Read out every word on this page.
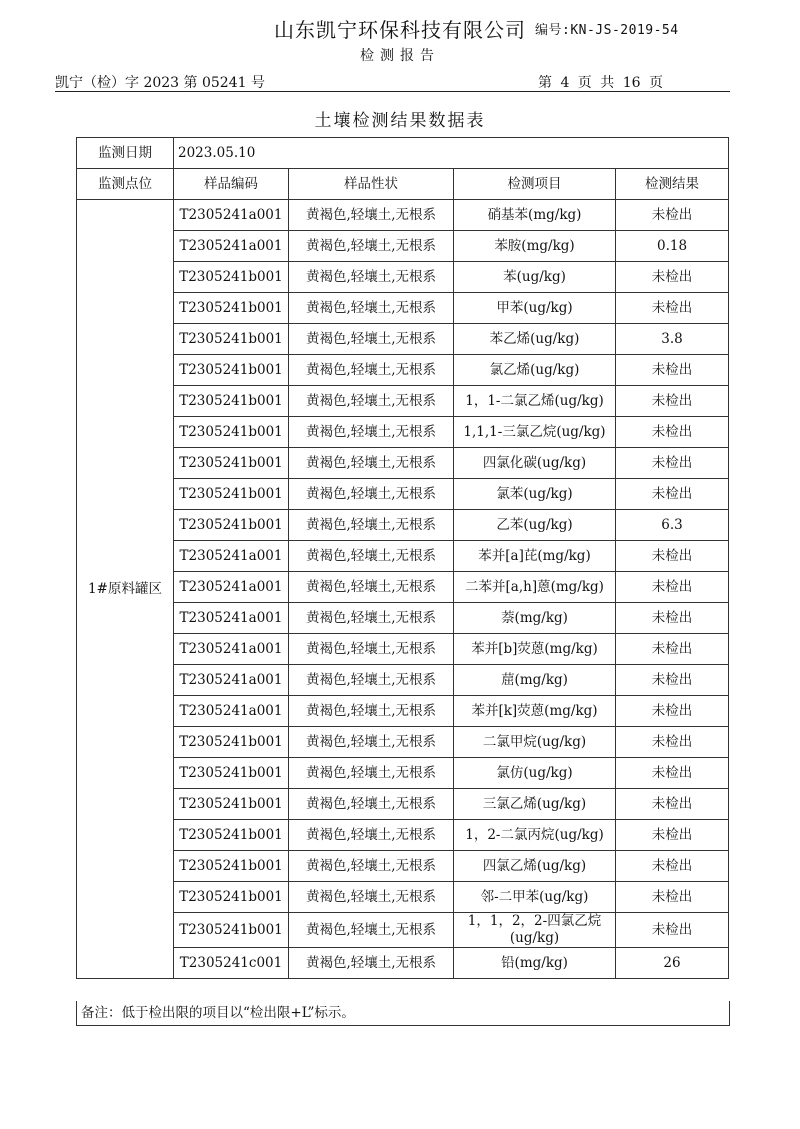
山东凯宁环保科技有限公司 编号:KN-JS-2019-54
检测报告
凯宁（检）字 2023 第 05241 号	第 4 页 共 16 页
土壤检测结果数据表
监测日期	2023.05.10			
监测点位	样品编码	样品性状	检测项目	检测结果
1#原料罐区	T2305241a001	黄褐色,轻壤土,无根系	硝基苯(mg/kg)	未检出
	T2305241a001	黄褐色,轻壤土,无根系	苯胺(mg/kg)	0.18
	T2305241b001	黄褐色,轻壤土,无根系	苯(ug/kg)	未检出
	T2305241b001	黄褐色,轻壤土,无根系	甲苯(ug/kg)	未检出
	T2305241b001	黄褐色,轻壤土,无根系	苯乙烯(ug/kg)	3.8
	T2305241b001	黄褐色,轻壤土,无根系	氯乙烯(ug/kg)	未检出
	T2305241b001	黄褐色,轻壤土,无根系	1，1-二氯乙烯(ug/kg)	未检出
	T2305241b001	黄褐色,轻壤土,无根系	1,1,1-三氯乙烷(ug/kg)	未检出
	T2305241b001	黄褐色,轻壤土,无根系	四氯化碳(ug/kg)	未检出
	T2305241b001	黄褐色,轻壤土,无根系	氯苯(ug/kg)	未检出
	T2305241b001	黄褐色,轻壤土,无根系	乙苯(ug/kg)	6.3
	T2305241a001	黄褐色,轻壤土,无根系	苯并[a]芘(mg/kg)	未检出
	T2305241a001	黄褐色,轻壤土,无根系	二苯并[a,h]蒽(mg/kg)	未检出
	T2305241a001	黄褐色,轻壤土,无根系	萘(mg/kg)	未检出
	T2305241a001	黄褐色,轻壤土,无根系	苯并[b]荧蒽(mg/kg)	未检出
	T2305241a001	黄褐色,轻壤土,无根系	䓛(mg/kg)	未检出
	T2305241a001	黄褐色,轻壤土,无根系	苯并[k]荧蒽(mg/kg)	未检出
	T2305241b001	黄褐色,轻壤土,无根系	二氯甲烷(ug/kg)	未检出
	T2305241b001	黄褐色,轻壤土,无根系	氯仿(ug/kg)	未检出
	T2305241b001	黄褐色,轻壤土,无根系	三氯乙烯(ug/kg)	未检出
	T2305241b001	黄褐色,轻壤土,无根系	1，2-二氯丙烷(ug/kg)	未检出
	T2305241b001	黄褐色,轻壤土,无根系	四氯乙烯(ug/kg)	未检出
	T2305241b001	黄褐色,轻壤土,无根系	邻-二甲苯(ug/kg)	未检出
	T2305241b001	黄褐色,轻壤土,无根系	1，1，2，2-四氯乙烷(ug/kg)	未检出
	T2305241c001	黄褐色,轻壤土,无根系	铅(mg/kg)	26
备注：低于检出限的项目以“检出限+L”标示。
